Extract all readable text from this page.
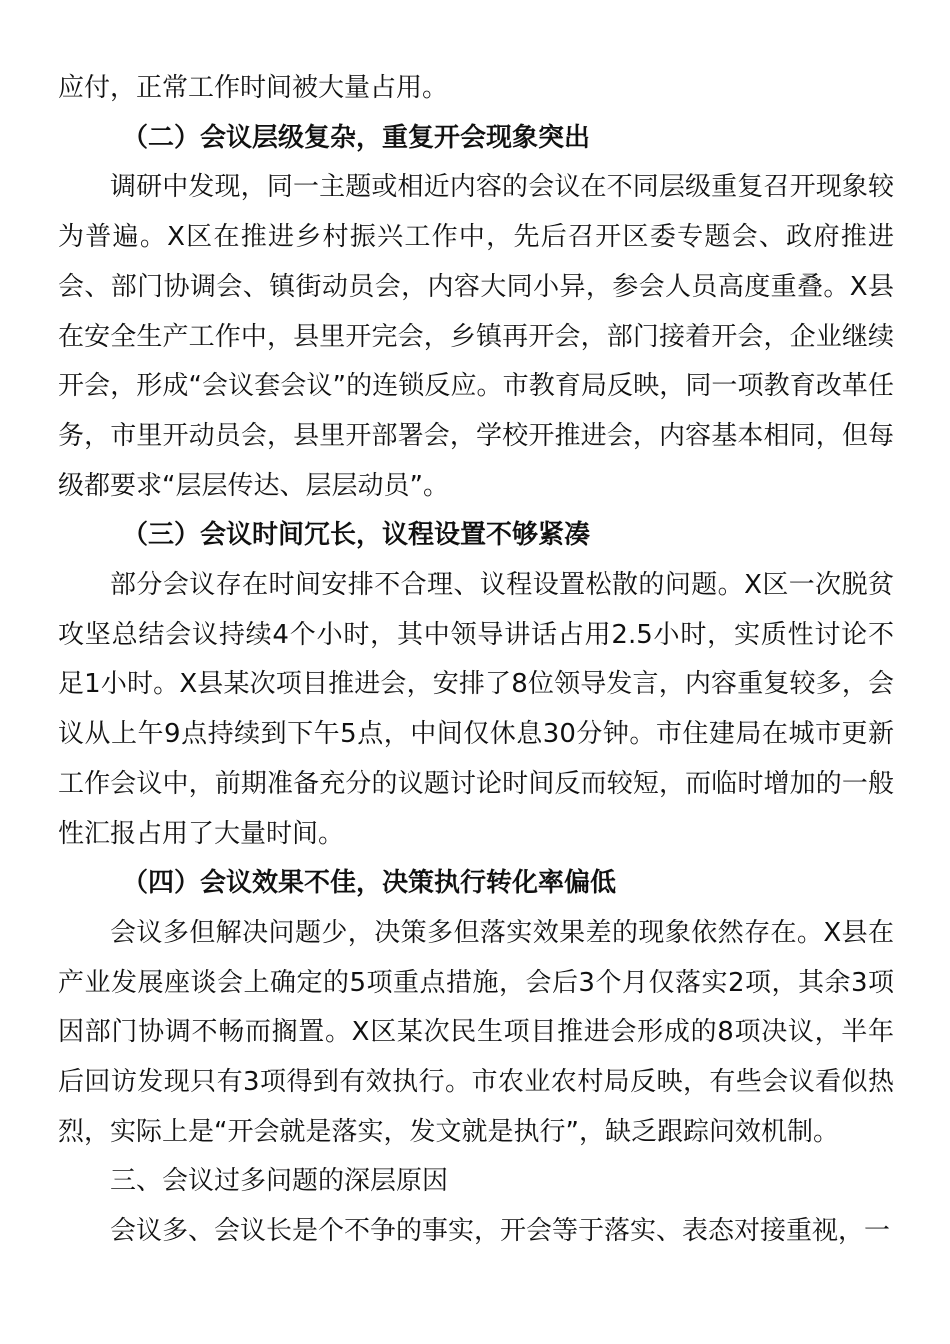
应付，正常工作时间被大量占用。

（二）会议层级复杂，重复开会现象突出

调研中发现，同一主题或相近内容的会议在不同层级重复召开现象较为普遍。X区在推进乡村振兴工作中，先后召开区委专题会、政府推进会、部门协调会、镇街动员会，内容大同小异，参会人员高度重叠。X县在安全生产工作中，县里开完会，乡镇再开会，部门接着开会，企业继续开会，形成“会议套会议”的连锁反应。市教育局反映，同一项教育改革任务，市里开动员会，县里开部署会，学校开推进会，内容基本相同，但每级都要求“层层传达、层层动员”。

（三）会议时间冗长，议程设置不够紧凑

部分会议存在时间安排不合理、议程设置松散的问题。X区一次脱贫攻坚总结会议持续4个小时，其中领导讲话占用2.5小时，实质性讨论不足1小时。X县某次项目推进会，安排了8位领导发言，内容重复较多，会议从上午9点持续到下午5点，中间仅休息30分钟。市住建局在城市更新工作会议中，前期准备充分的议题讨论时间反而较短，而临时增加的一般性汇报占用了大量时间。

（四）会议效果不佳，决策执行转化率偏低

会议多但解决问题少，决策多但落实效果差的现象依然存在。X县在产业发展座谈会上确定的5项重点措施，会后3个月仅落实2项，其余3项因部门协调不畅而搁置。X区某次民生项目推进会形成的8项决议，半年后回访发现只有3项得到有效执行。市农业农村局反映，有些会议看似热烈，实际上是“开会就是落实，发文就是执行”，缺乏跟踪问效机制。

三、会议过多问题的深层原因

会议多、会议长是个不争的事实，开会等于落实、表态对接重视，一
